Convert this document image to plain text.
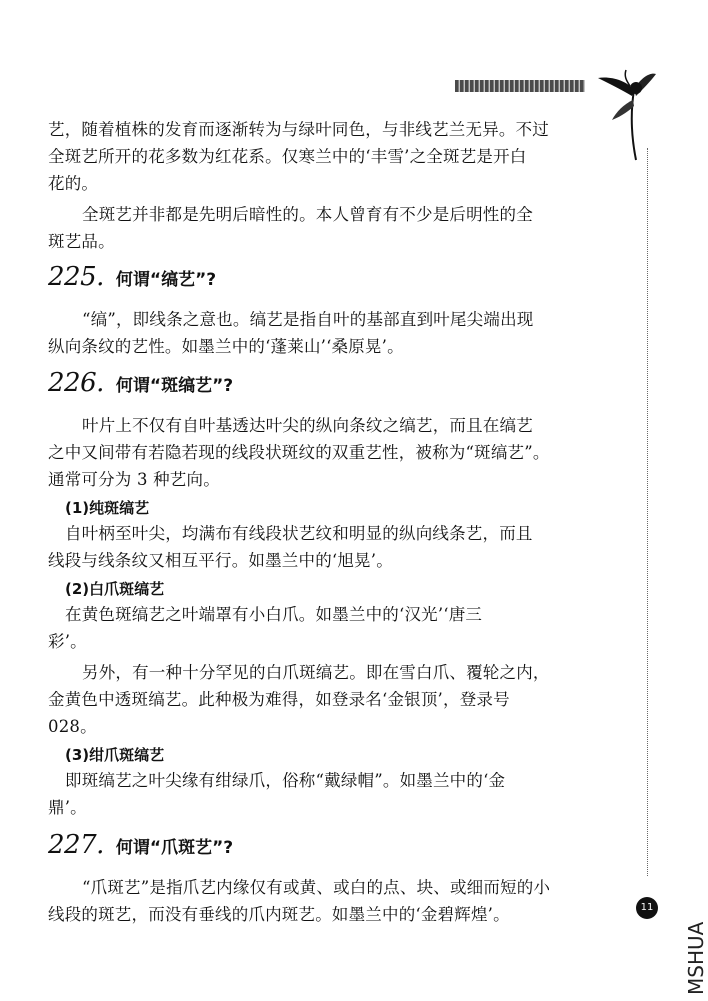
11
MSHUA

艺，随着植株的发育而逐渐转为与绿叶同色，与非线艺兰无异。不过

全斑艺所开的花多数为红花系。仅寒兰中的‘丰雪’之全斑艺是开白

花的。

全斑艺并非都是先明后暗性的。本人曾育有不少是后明性的全

斑艺品。

225. 何谓“缟艺”?

“缟”，即线条之意也。缟艺是指自叶的基部直到叶尾尖端出现

纵向条纹的艺性。如墨兰中的‘蓬莱山’‘桑原晃’。

226. 何谓“斑缟艺”?

叶片上不仅有自叶基透达叶尖的纵向条纹之缟艺，而且在缟艺

之中又间带有若隐若现的线段状斑纹的双重艺性，被称为“斑缟艺”。

通常可分为 3 种艺向。

(1)纯斑缟艺

自叶柄至叶尖，均满布有线段状艺纹和明显的纵向线条艺，而且

线段与线条纹又相互平行。如墨兰中的‘旭晃’。

(2)白爪斑缟艺

在黄色斑缟艺之叶端罩有小白爪。如墨兰中的‘汉光’‘唐三

彩’。

另外，有一种十分罕见的白爪斑缟艺。即在雪白爪、覆轮之内，

金黄色中透斑缟艺。此种极为难得，如登录名‘金银顶’，登录号

028。

(3)绀爪斑缟艺

即斑缟艺之叶尖缘有绀绿爪，俗称“戴绿帽”。如墨兰中的‘金

鼎’。

227. 何谓“爪斑艺”?

“爪斑艺”是指爪艺内缘仅有或黄、或白的点、块、或细而短的小

线段的斑艺，而没有垂线的爪内斑艺。如墨兰中的‘金碧辉煌’。
